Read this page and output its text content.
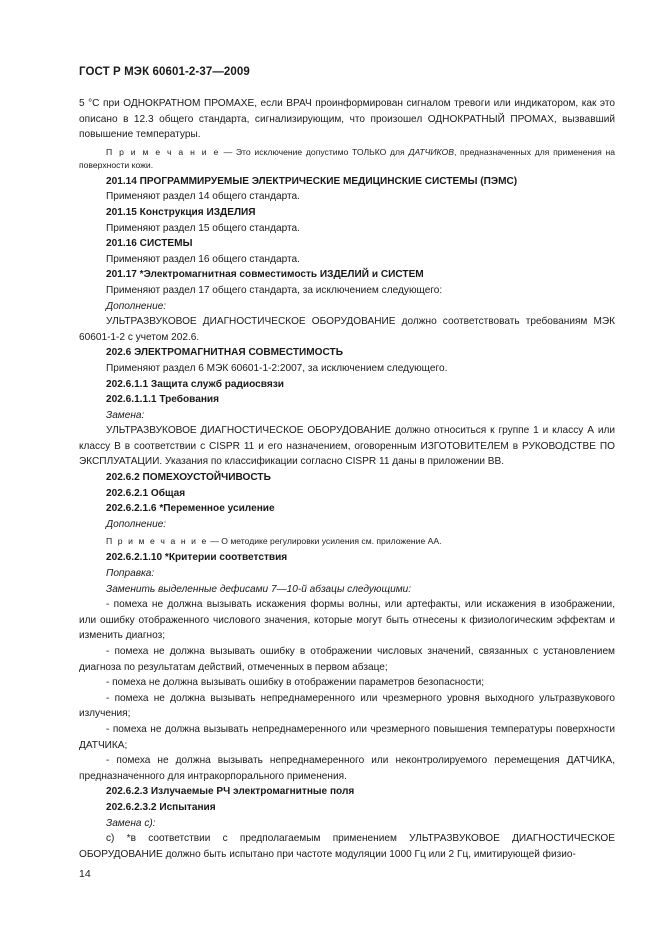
ГОСТ Р МЭК 60601-2-37—2009

5 °С при ОДНОКРАТНОМ ПРОМАХЕ, если ВРАЧ проинформирован сигналом тревоги или индикатором, как это описано в 12.3 общего стандарта, сигнализирующим, что произошел ОДНОКРАТНЫЙ ПРОМАХ, вызвавший повышение температуры.

П р и м е ч а н и е — Это исключение допустимо ТОЛЬКО для ДАТЧИКОВ, предназначенных для применения на поверхности кожи.

201.14 ПРОГРАММИРУЕМЫЕ ЭЛЕКТРИЧЕСКИЕ МЕДИЦИНСКИЕ СИСТЕМЫ (ПЭМС)

Применяют раздел 14 общего стандарта.

201.15 Конструкция ИЗДЕЛИЯ

Применяют раздел 15 общего стандарта.

201.16 СИСТЕМЫ

Применяют раздел 16 общего стандарта.

201.17 *Электромагнитная совместимость ИЗДЕЛИЙ и СИСТЕМ

Применяют раздел 17 общего стандарта, за исключением следующего:

Дополнение:

УЛЬТРАЗВУКОВОЕ ДИАГНОСТИЧЕСКОЕ ОБОРУДОВАНИЕ должно соответствовать требованиям МЭК 60601-1-2 с учетом 202.6.

202.6 ЭЛЕКТРОМАГНИТНАЯ СОВМЕСТИМОСТЬ

Применяют раздел 6 МЭК 60601-1-2:2007, за исключением следующего.

202.6.1.1 Защита служб радиосвязи

202.6.1.1.1 Требования

Замена:

УЛЬТРАЗВУКОВОЕ ДИАГНОСТИЧЕСКОЕ ОБОРУДОВАНИЕ должно относиться к группе 1 и классу А или классу В в соответствии с CISPR 11 и его назначением, оговоренным ИЗГОТОВИТЕЛЕМ в РУКОВОДСТВЕ ПО ЭКСПЛУАТАЦИИ. Указания по классификации согласно CISPR 11 даны в приложении ВВ.

202.6.2 ПОМЕХОУСТОЙЧИВОСТЬ

202.6.2.1 Общая

202.6.2.1.6 *Переменное усиление

Дополнение:

П р и м е ч а н и е — О методике регулировки усиления см. приложение АА.

202.6.2.1.10 *Критерии соответствия

Поправка:

Заменить выделенные дефисами 7—10-й абзацы следующими:

- помеха не должна вызывать искажения формы волны, или артефакты, или искажения в изображении, или ошибку отображенного числового значения, которые могут быть отнесены к физиологическим эффектам и изменить диагноз;

- помеха не должна вызывать ошибку в отображении числовых значений, связанных с установлением диагноза по результатам действий, отмеченных в первом абзаце;

- помеха не должна вызывать ошибку в отображении параметров безопасности;

- помеха не должна вызывать непреднамеренного или чрезмерного уровня выходного ультразвукового излучения;

- помеха не должна вызывать непреднамеренного или чрезмерного повышения температуры поверхности ДАТЧИКА;

- помеха не должна вызывать непреднамеренного или неконтролируемого перемещения ДАТЧИКА, предназначенного для интракорпорального применения.

202.6.2.3 Излучаемые РЧ электромагнитные поля

202.6.2.3.2 Испытания

Замена с):

с) *в соответствии с предполагаемым применением УЛЬТРАЗВУКОВОЕ ДИАГНОСТИЧЕСКОЕ ОБОРУДОВАНИЕ должно быть испытано при частоте модуляции 1000 Гц или 2 Гц, имитирующей физио-

14
